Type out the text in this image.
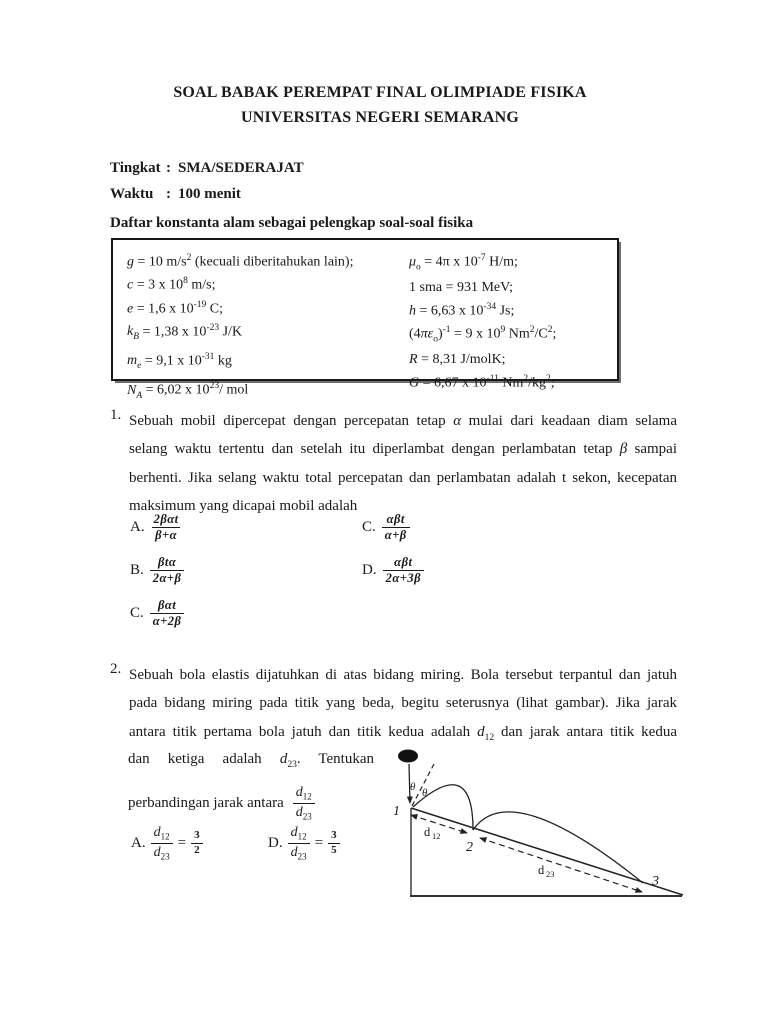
SOAL BABAK PEREMPAT FINAL OLIMPIADE FISIKA
UNIVERSITAS NEGERI SEMARANG
Tingkat : SMA/SEDERAJAT
Waktu : 100 menit
Daftar konstanta alam sebagai pelengkap soal-soal fisika
g = 10 $m/s^2$ (kecuali diberitahukan lain);
c = 3 x $10^8$ m/s;
e = 1,6 x $10^{-19}$ C;
$k_B = 1,38$ x $10^{-23}$ J/K
$m_e = 9,1$ x $10^{-31}$ kg
$N_A = 6,02$ x $10^{23}/$ mol
$\mu_o = 4\pi$ x $10^{-7}$ H/m;
1 sma = 931 MeV;
h = 6,63 x $10^{-34}$ Js;
$(4\pi\varepsilon_o)^{-1} = 9$ x $10^9$ $Nm^2/C^2$;
R = 8,31 J/molK;
G = 6,67 x $10^{-11}$ $Nm^2/kg^2$;
1. Sebuah mobil dipercepat dengan percepatan tetap α mulai dari keadaan diam selama
selang waktu tertentu dan setelah itu diperlambat dengan perlambatan tetap β sampai
berhenti. Jika selang waktu total percepatan dan perlambatan adalah t sekon, kecepatan
maksimum yang dicapai mobil adalah
A. $\frac{\text{2βαt}}{\beta+\alpha}$
B. $\frac{\text{βtα}}{2\alpha+\beta}$
C. $\frac{\text{βαt}}{\alpha+2\beta}$
C. $\frac{\text{αβt}}{\alpha+\beta}$
D. $\frac{\text{αβt}}{2\alpha+3\beta}$
2. Sebuah bola elastis dijatuhkan di atas bidang miring. Bola tersebut terpantul dan jatuh
pada bidang miring pada titik yang beda, begitu seterusnya (lihat gambar). Jika jarak
antara titik pertama bola jatuh dan titik kedua adalah $d_{12}$ dan jarak antara titik kedua
dan ketiga adalah $d_{23}$. Tentukan
perbandingan jarak antara $\frac{d_{12}}{d_{23}}$
A. $\frac{d_{12}}{d_{23}} = \frac{3}{2}$	D. $\frac{d_{12}}{d_{23}} = \frac{3}{5}$
θ θ
1
d 12
d 23
2
3
